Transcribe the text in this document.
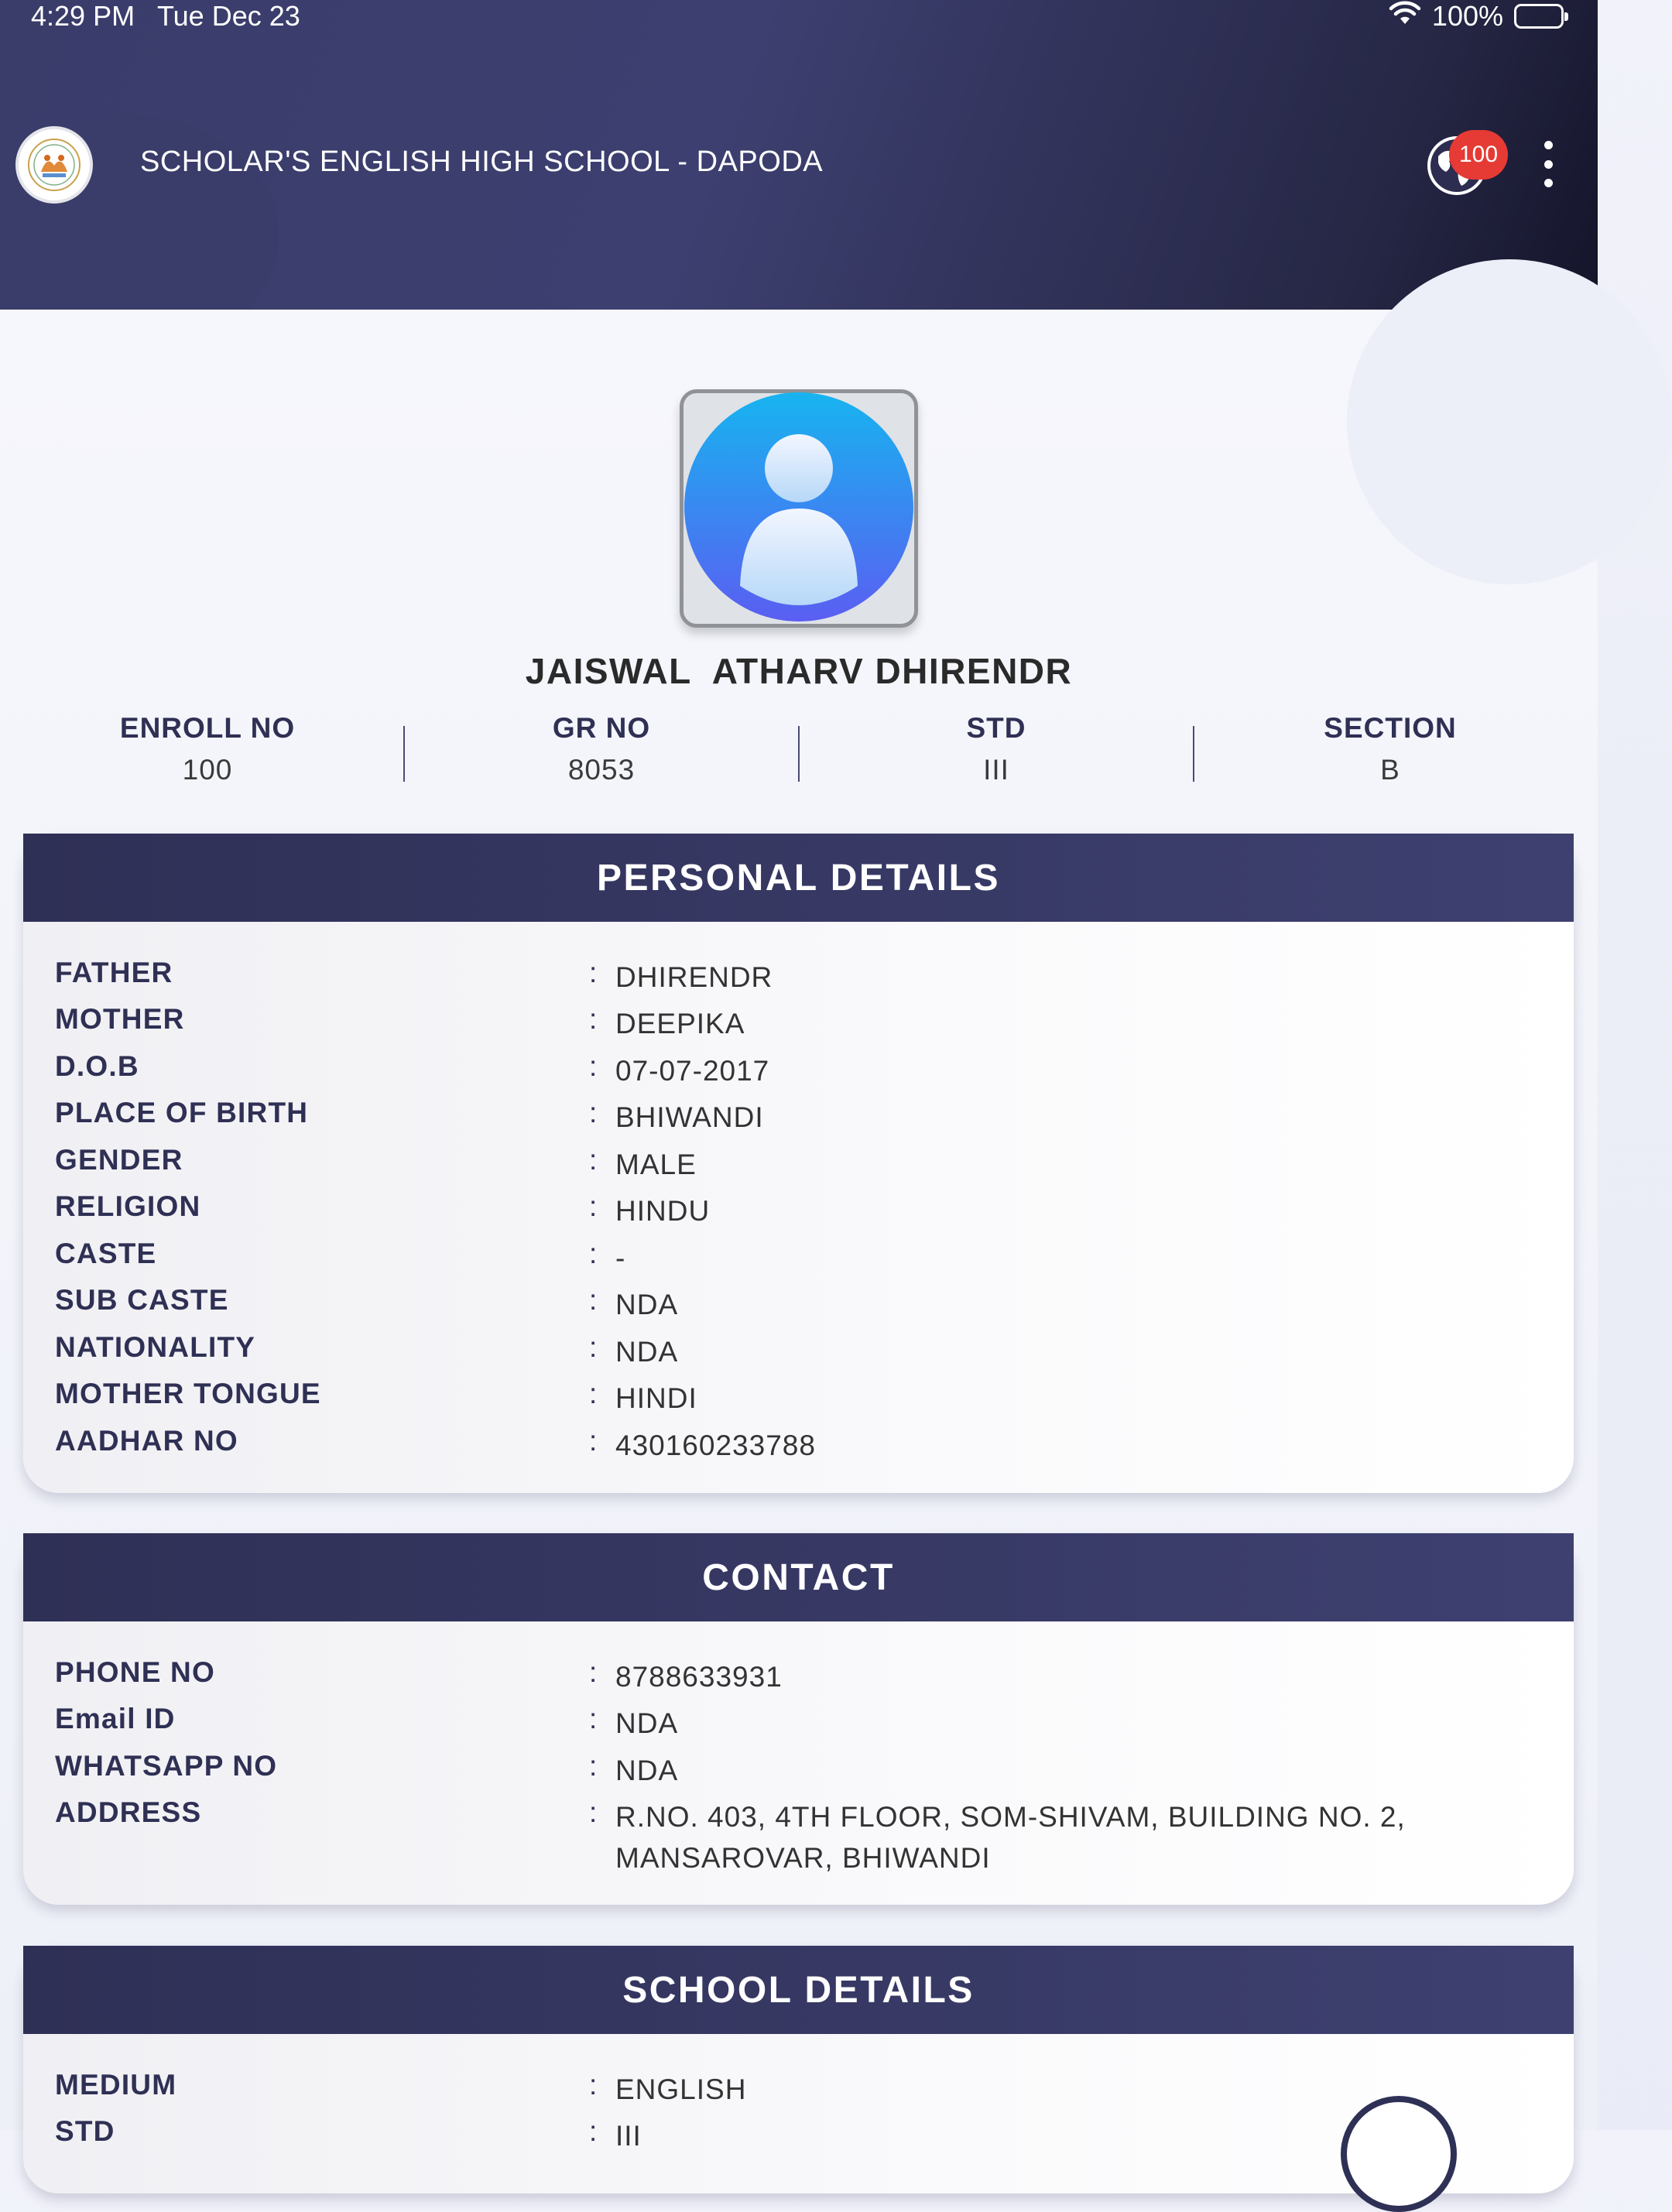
4:29 PM Tue Dec 23	100%
SCHOLAR'S ENGLISH HIGH SCHOOL - DAPODA	100
JAISWAL  ATHARV DHIRENDR
ENROLL NO
100
GR NO
8053
STD
III
SECTION
B
PERSONAL DETAILS
FATHER	: DHIRENDR
MOTHER	: DEEPIKA
D.O.B	: 07-07-2017
PLACE OF BIRTH	: BHIWANDI
GENDER	: MALE
RELIGION	: HINDU
CASTE	: -
SUB CASTE	: NDA
NATIONALITY	: NDA
MOTHER TONGUE	: HINDI
AADHAR NO	: 430160233788
CONTACT
PHONE NO	: 8788633931
Email ID	: NDA
WHATSAPP NO	: NDA
ADDRESS	: R.NO. 403, 4TH FLOOR, SOM-SHIVAM, BUILDING NO. 2, MANSAROVAR, BHIWANDI
SCHOOL DETAILS
MEDIUM	: ENGLISH
STD	: III
